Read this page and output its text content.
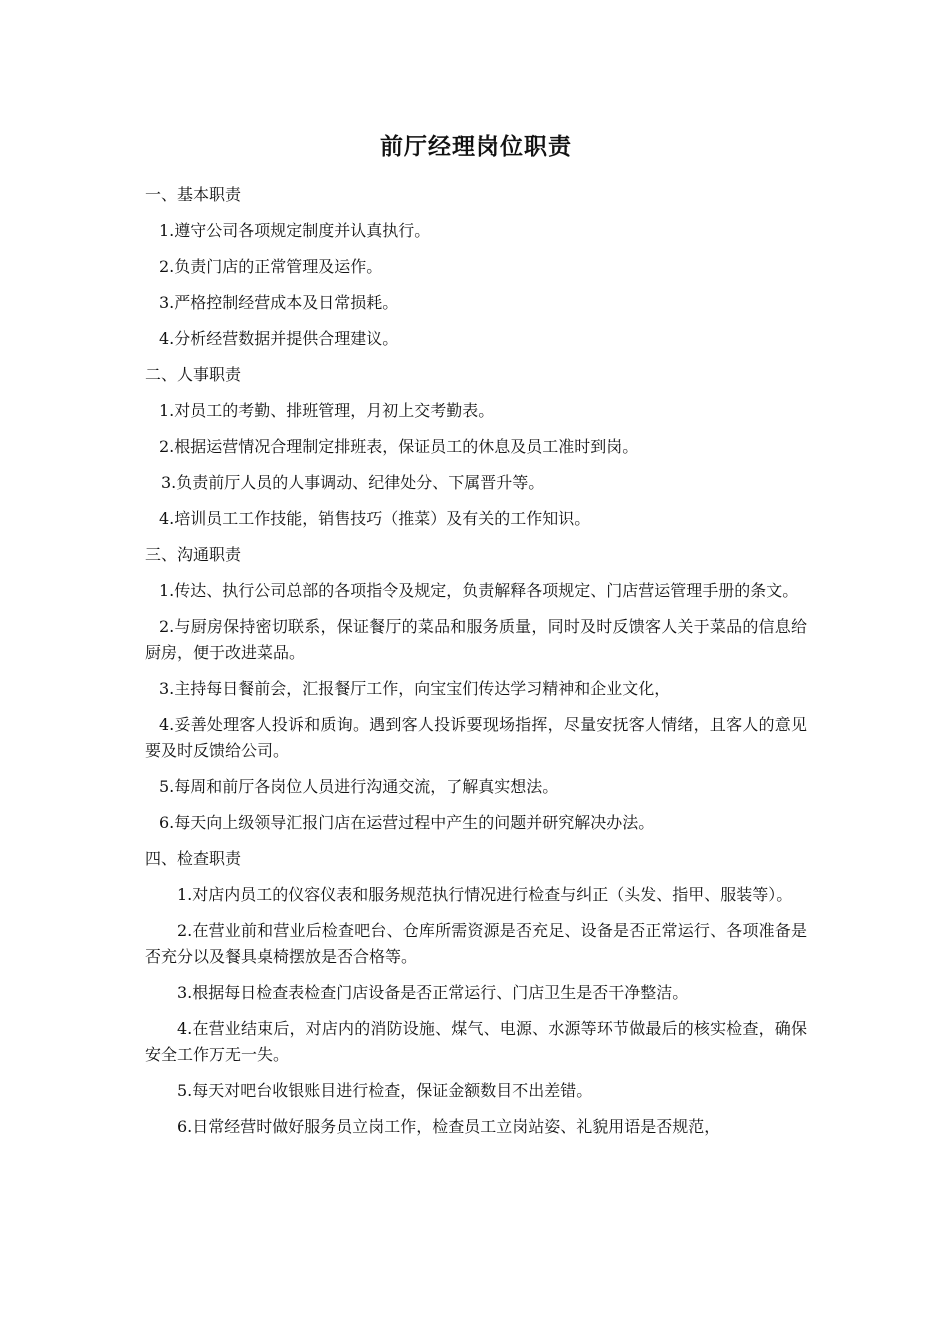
前厅经理岗位职责

一、基本职责

1.遵守公司各项规定制度并认真执行。

2.负责门店的正常管理及运作。

3.严格控制经营成本及日常损耗。

4.分析经营数据并提供合理建议。

二、人事职责

1.对员工的考勤、排班管理，月初上交考勤表。

2.根据运营情况合理制定排班表，保证员工的休息及员工准时到岗。

3.负责前厅人员的人事调动、纪律处分、下属晋升等。

4.培训员工工作技能，销售技巧（推菜）及有关的工作知识。

三、沟通职责

1.传达、执行公司总部的各项指令及规定，负责解释各项规定、门店营运管理手册的条文。

2.与厨房保持密切联系，保证餐厅的菜品和服务质量，同时及时反馈客人关于菜品的信息给厨房，便于改进菜品。

3.主持每日餐前会，汇报餐厅工作，向宝宝们传达学习精神和企业文化，

4.妥善处理客人投诉和质询。遇到客人投诉要现场指挥，尽量安抚客人情绪，且客人的意见要及时反馈给公司。

5.每周和前厅各岗位人员进行沟通交流，了解真实想法。

6.每天向上级领导汇报门店在运营过程中产生的问题并研究解决办法。

四、检查职责

1.对店内员工的仪容仪表和服务规范执行情况进行检查与纠正（头发、指甲、服装等）。

2.在营业前和营业后检查吧台、仓库所需资源是否充足、设备是否正常运行、各项准备是否充分以及餐具桌椅摆放是否合格等。

3.根据每日检查表检查门店设备是否正常运行、门店卫生是否干净整洁。

4.在营业结束后，对店内的消防设施、煤气、电源、水源等环节做最后的核实检查，确保安全工作万无一失。

5.每天对吧台收银账目进行检查，保证金额数目不出差错。

6.日常经营时做好服务员立岗工作，检查员工立岗站姿、礼貌用语是否规范，
